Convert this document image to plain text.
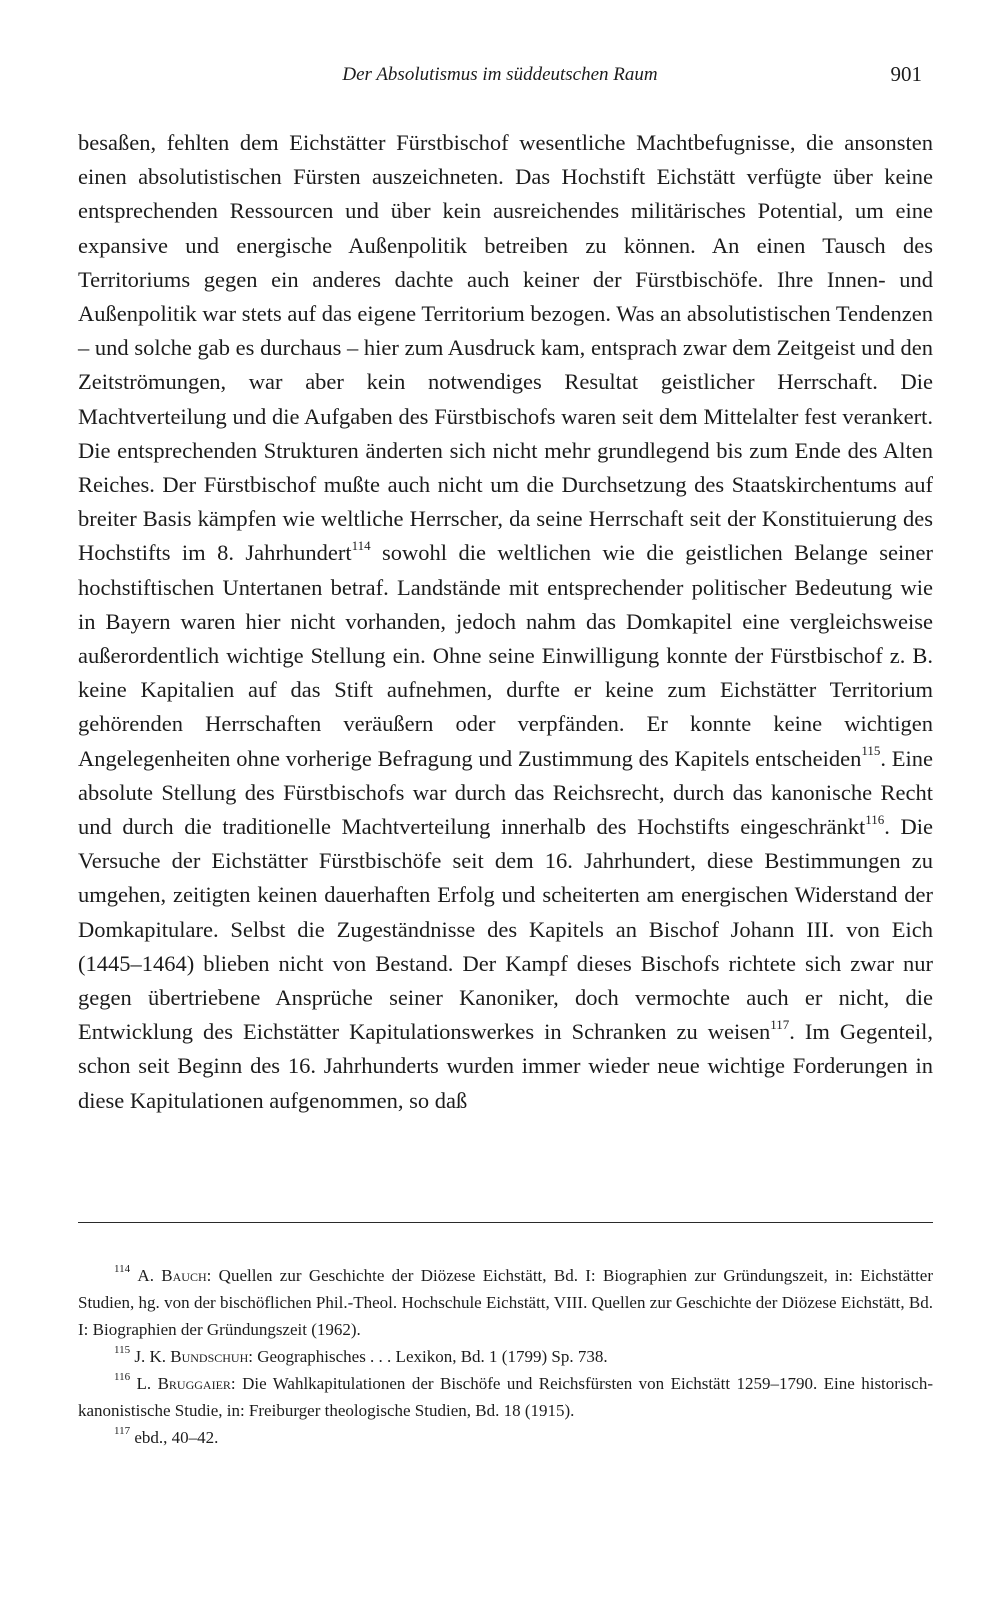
Der Absolutismus im süddeutschen Raum	901

besaßen, fehlten dem Eichstätter Fürstbischof wesentliche Machtbefugnisse, die ansonsten einen absolutistischen Fürsten auszeichneten. Das Hochstift Eichstätt verfügte über keine entsprechenden Ressourcen und über kein ausreichendes militärisches Potential, um eine expansive und energische Außenpolitik betreiben zu können. An einen Tausch des Territoriums gegen ein anderes dachte auch keiner der Fürstbischöfe. Ihre Innen- und Außenpolitik war stets auf das eigene Territorium bezogen. Was an absolutistischen Tendenzen – und solche gab es durchaus – hier zum Ausdruck kam, entsprach zwar dem Zeitgeist und den Zeitströmungen, war aber kein notwendiges Resultat geistlicher Herrschaft. Die Machtverteilung und die Aufgaben des Fürstbischofs waren seit dem Mittelalter fest verankert. Die entsprechenden Strukturen änderten sich nicht mehr grundlegend bis zum Ende des Alten Reiches. Der Fürstbischof mußte auch nicht um die Durchsetzung des Staatskirchentums auf breiter Basis kämpfen wie weltliche Herrscher, da seine Herrschaft seit der Konstituierung des Hochstifts im 8. Jahrhundert$^{114}$ sowohl die weltlichen wie die geistlichen Belange seiner hochstiftischen Untertanen betraf. Landstände mit entsprechender politischer Bedeutung wie in Bayern waren hier nicht vorhanden, jedoch nahm das Domkapitel eine vergleichsweise außerordentlich wichtige Stellung ein. Ohne seine Einwilligung konnte der Fürstbischof z. B. keine Kapitalien auf das Stift aufnehmen, durfte er keine zum Eichstätter Territorium gehörenden Herrschaften veräußern oder verpfänden. Er konnte keine wichtigen Angelegenheiten ohne vorherige Befragung und Zustimmung des Kapitels entscheiden$^{115}$. Eine absolute Stellung des Fürstbischofs war durch das Reichsrecht, durch das kanonische Recht und durch die traditionelle Machtverteilung innerhalb des Hochstifts eingeschränkt$^{116}$. Die Versuche der Eichstätter Fürstbischöfe seit dem 16. Jahrhundert, diese Bestimmungen zu umgehen, zeitigten keinen dauerhaften Erfolg und scheiterten am energischen Widerstand der Domkapitulare. Selbst die Zugeständnisse des Kapitels an Bischof Johann III. von Eich (1445–1464) blieben nicht von Bestand. Der Kampf dieses Bischofs richtete sich zwar nur gegen übertriebene Ansprüche seiner Kanoniker, doch vermochte auch er nicht, die Entwicklung des Eichstätter Kapitulationswerkes in Schranken zu weisen$^{117}$. Im Gegenteil, schon seit Beginn des 16. Jahrhunderts wurden immer wieder neue wichtige Forderungen in diese Kapitulationen aufgenommen, so daß

$^{114}$ A. Bauch: Quellen zur Geschichte der Diözese Eichstätt, Bd. I: Biographien zur Gründungszeit, in: Eichstätter Studien, hg. von der bischöflichen Phil.-Theol. Hochschule Eichstätt, VIII. Quellen zur Geschichte der Diözese Eichstätt, Bd. I: Biographien der Gründungszeit (1962).

$^{115}$ J. K. Bundschuh: Geographisches . . . Lexikon, Bd. 1 (1799) Sp. 738.

$^{116}$ L. Bruggaier: Die Wahlkapitulationen der Bischöfe und Reichsfürsten von Eichstätt 1259–1790. Eine historisch-kanonistische Studie, in: Freiburger theologische Studien, Bd. 18 (1915).

$^{117}$ ebd., 40–42.
